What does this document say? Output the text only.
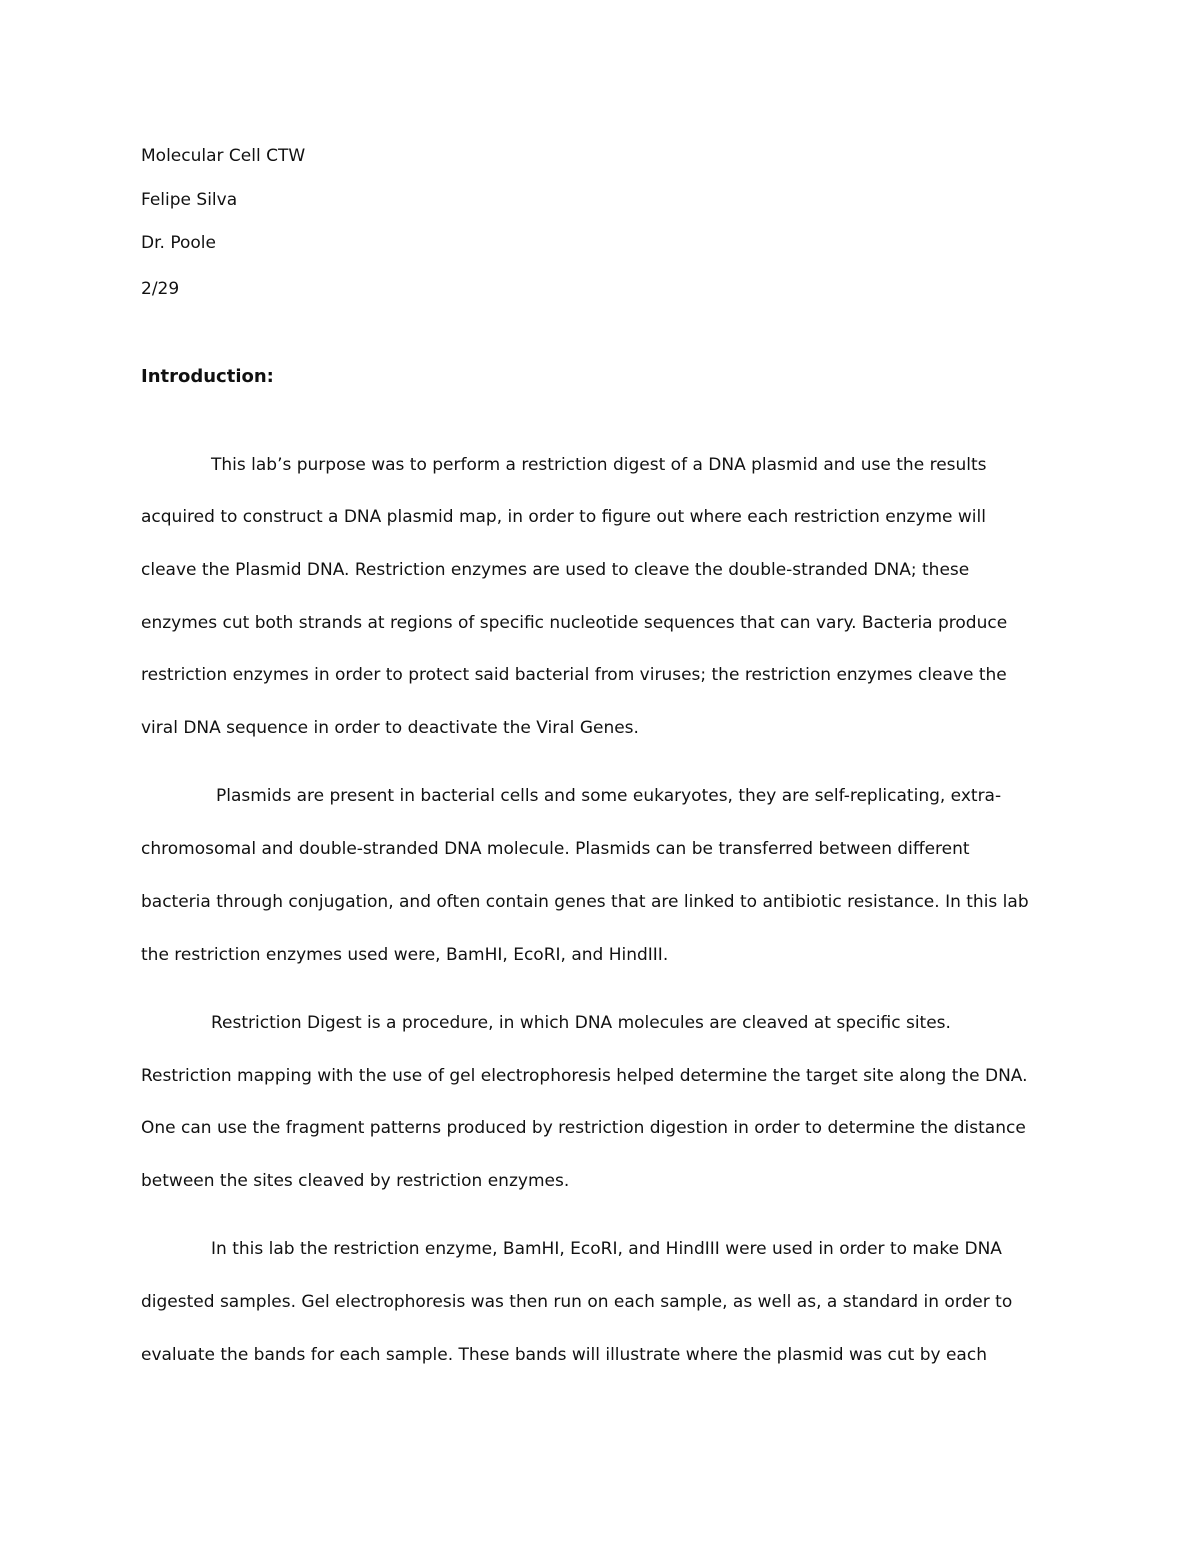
Molecular Cell CTW
Felipe Silva
Dr. Poole
2/29
Introduction:
This lab’s purpose was to perform a restriction digest of a DNA plasmid and use the results
acquired to construct a DNA plasmid map, in order to figure out where each restriction enzyme will
cleave the Plasmid DNA. Restriction enzymes are used to cleave the double-stranded DNA; these
enzymes cut both strands at regions of specific nucleotide sequences that can vary. Bacteria produce
restriction enzymes in order to protect said bacterial from viruses; the restriction enzymes cleave the
viral DNA sequence in order to deactivate the Viral Genes.
Plasmids are present in bacterial cells and some eukaryotes, they are self-replicating, extra-
chromosomal and double-stranded DNA molecule. Plasmids can be transferred between different
bacteria through conjugation, and often contain genes that are linked to antibiotic resistance. In this lab
the restriction enzymes used were, BamHI, EcoRI, and HindIII.
Restriction Digest is a procedure, in which DNA molecules are cleaved at specific sites.
Restriction mapping with the use of gel electrophoresis helped determine the target site along the DNA.
One can use the fragment patterns produced by restriction digestion in order to determine the distance
between the sites cleaved by restriction enzymes.
In this lab the restriction enzyme, BamHI, EcoRI, and HindIII were used in order to make DNA
digested samples. Gel electrophoresis was then run on each sample, as well as, a standard in order to
evaluate the bands for each sample. These bands will illustrate where the plasmid was cut by each
